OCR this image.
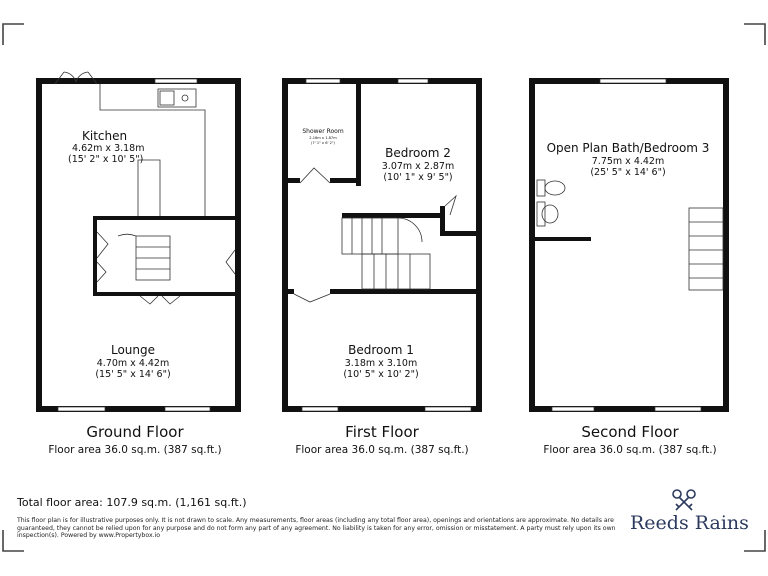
Kitchen
4.62m x 3.18m
(15' 2" x 10' 5")
Lounge
4.70m x 4.42m
(15' 5" x 14' 6")
Shower Room
2.16m x 1.87m
(7' 1" x 6' 2")
Bedroom 2
3.07m x 2.87m
(10' 1" x 9' 5")
Bedroom 1
3.18m x 3.10m
(10' 5" x 10' 2")
Open Plan Bath/Bedroom 3
7.75m x 4.42m
(25' 5" x 14' 6")
Ground Floor
Floor area 36.0 sq.m. (387 sq.ft.)
First Floor
Floor area 36.0 sq.m. (387 sq.ft.)
Second Floor
Floor area 36.0 sq.m. (387 sq.ft.)
Total floor area: 107.9 sq.m. (1,161 sq.ft.)
This floor plan is for illustrative purposes only. It is not drawn to scale. Any measurements, floor areas (including any total floor area), openings and orientations are approximate. No details are guaranteed, they cannot be relied upon for any purpose and do not form any part of any agreement. No liability is taken for any error, omission or misstatement. A party must rely upon its own inspection(s). Powered by www.Propertybox.io
Reeds Rains
